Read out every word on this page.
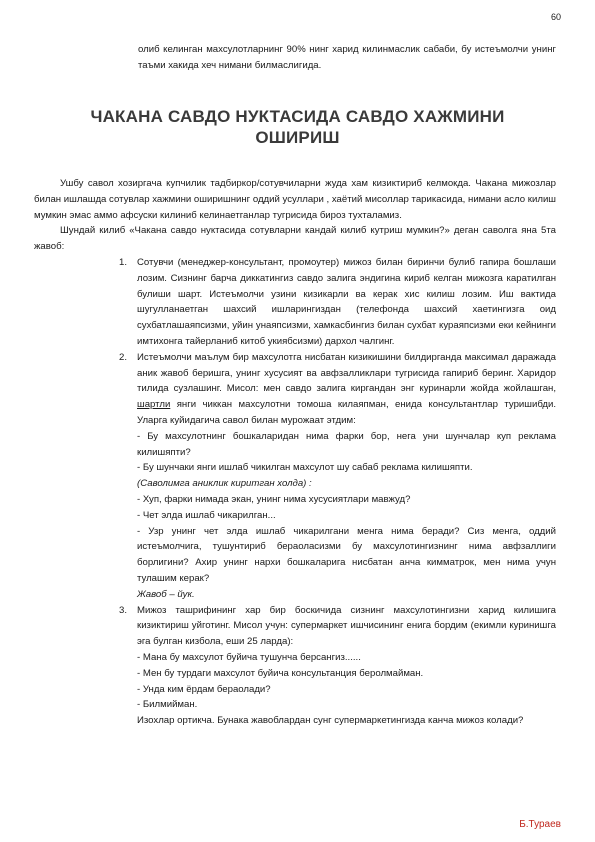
60
олиб келинган махсулотларнинг 90% нинг харид килинмаслик сабаби, бу истеъмолчи унинг таъми хакида хеч нимани билмаслигида.
ЧАКАНА САВДО НУКТАСИДА САВДО ХАЖМИНИ ОШИРИШ

Ушбу савол хозиргача купчилик тадбиркор/сотувчиларни жуда хам кизиктириб келмокда. Чакана мижозлар билан ишлашда сотувлар хажмини оширишнинг оддий усуллари , хаётий мисоллар тарикасида, нимани асло килиш мумкин эмас аммо афсуски килиниб келинаетганлар тугрисида бироз тухталамиз.

Шундай килиб «Чакана савдо нуктасида сотувларни кандай килиб кутриш мумкин?» деган саволга яна 5та жавоб:

1. Сотувчи (менеджер-консультант, промоутер) мижоз билан биринчи булиб гапира бошлаши лозим. Сизнинг барча диккатингиз савдо залига эндигина кириб келган мижозга каратилган булиши шарт. Истеъмолчи узини кизикарли ва керак хис килиш лозим. Иш вактида шугулланаетган шахсий ишларингиздан (телефонда шахсий хаетингизга оид сухбатлашаяпсизми, уйин унаяпсизми, хамкасбингиз билан сухбат кураяпсизми еки кейнинги имтихонга тайерланиб китоб укиябсизми) дархол чалгинг.

2. Истеъмолчи маълум бир махсулотга нисбатан кизикишини билдирганда максимал даражада аник жавоб беришга, унинг хусусият ва авфзалликлари тугрисида гапириб беринг. Харидор тилида сузлашинг. Мисол: мен савдо залига киргандан энг куринарли жойда жойлашган, шартли янги чиккан махсулотни томоша килаяпман, енида консультантлар туришибди. Уларга куйидагича савол билан мурожаат этдим:

- Бу махсулотнинг бошкаларидан нима фарки бор, нега уни шунчалар куп реклама килишяпти?

- Бу шунчаки янги ишлаб чикилган махсулот шу сабаб реклама килишяпти.

(Саволимга аниклик киритган холда) :

- Хуп, фарки нимада экан, унинг нима хусусиятлари мавжуд?

- Чет элда ишлаб чикарилган...

- Узр унинг чет элда ишлаб чикарилгани менга нима беради? Сиз менга, оддий истеъмолчига, тушунтириб бераоласизми бу махсулотингизнинг нима авфзаллиги борлигини? Ахир унинг нархи бошкаларига нисбатан анча кимматрок, мен нима учун тулашим керак?

Жавоб – йук.

3. Мижоз ташрифининг хар бир боскичида сизнинг махсулотингизни харид килишига кизиктириш уйготинг. Мисол учун: супермаркет ишчисининг енига бордим (екимли куринишга эга булган кизбола, еши 25 ларда):

- Мана бу махсулот буйича тушунча берсангиз......

- Мен бу турдаги махсулот буйича консультанция беролмайман.

- Унда ким ёрдам бераолади?

- Билмийман.

Изохлар ортикча. Бунака жавоблардан сунг супермаркетингизда канча мижоз колади?

Б.Тураев
